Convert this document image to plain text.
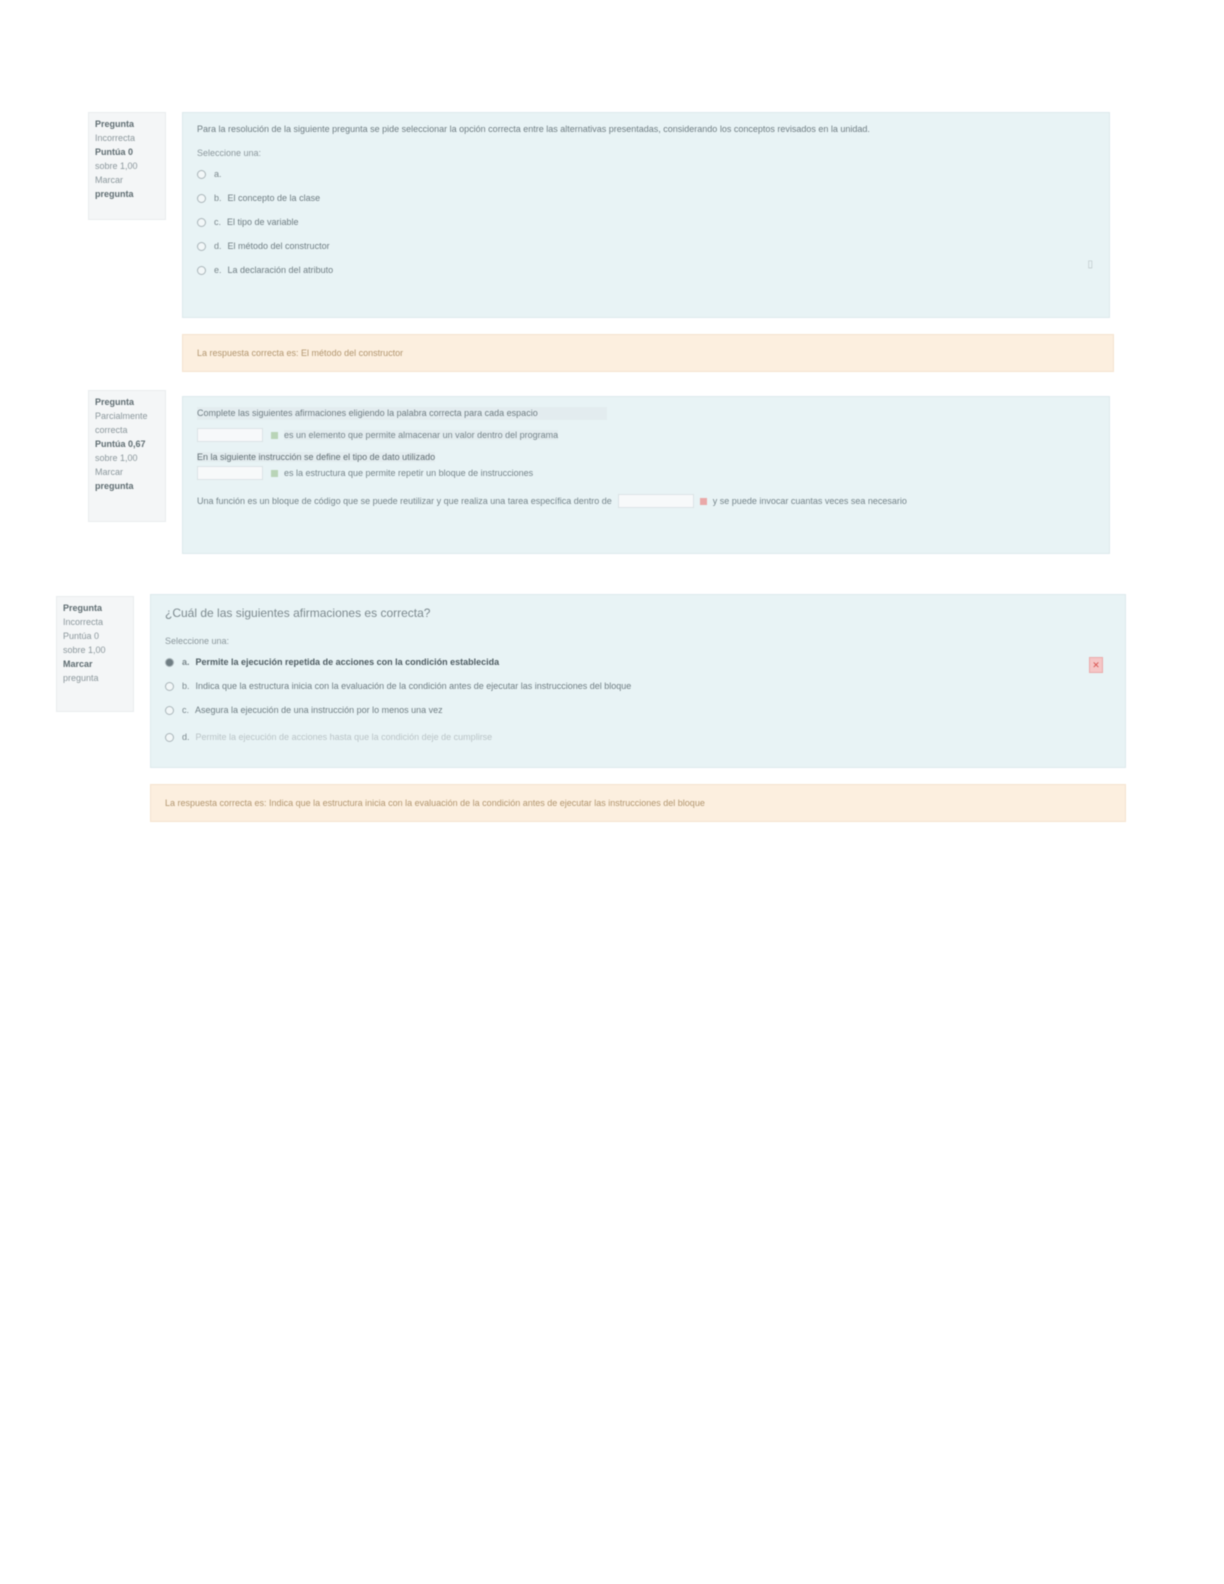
Pregunta
Incorrecta
Puntúa 0
sobre 1,00
Marcar
pregunta
Para la resolución de la siguiente pregunta se pide seleccionar la opción correcta entre las alternativas presentadas, considerando los conceptos revisados en la unidad.
Seleccione una:
a.
b. El concepto de la clase
c. El tipo de variable
d. El método del constructor
e. La declaración del atributo
▯
La respuesta correcta es: El método del constructor
Pregunta
Parcialmente
correcta
Puntúa 0,67
sobre 1,00
Marcar
pregunta
Complete las siguientes afirmaciones eligiendo la palabra correcta para cada espacio
es un elemento que permite almacenar un valor dentro del programa
En la siguiente instrucción se define el tipo de dato utilizado
es la estructura que permite repetir un bloque de instrucciones
Una función es un bloque de código que se puede reutilizar y que realiza una tarea específica dentro de	y se puede invocar cuantas veces sea necesario
Pregunta
Incorrecta
Puntúa 0
sobre 1,00
Marcar
pregunta
¿Cuál de las siguientes afirmaciones es correcta?
Seleccione una:
a. Permite la ejecución repetida de acciones con la condición establecida
b. Indica que la estructura inicia con la evaluación de la condición antes de ejecutar las instrucciones del bloque
c. Asegura la ejecución de una instrucción por lo menos una vez
d. Permite la ejecución de acciones hasta que la condición deje de cumplirse
✕
La respuesta correcta es: Indica que la estructura inicia con la evaluación de la condición antes de ejecutar las instrucciones del bloque
